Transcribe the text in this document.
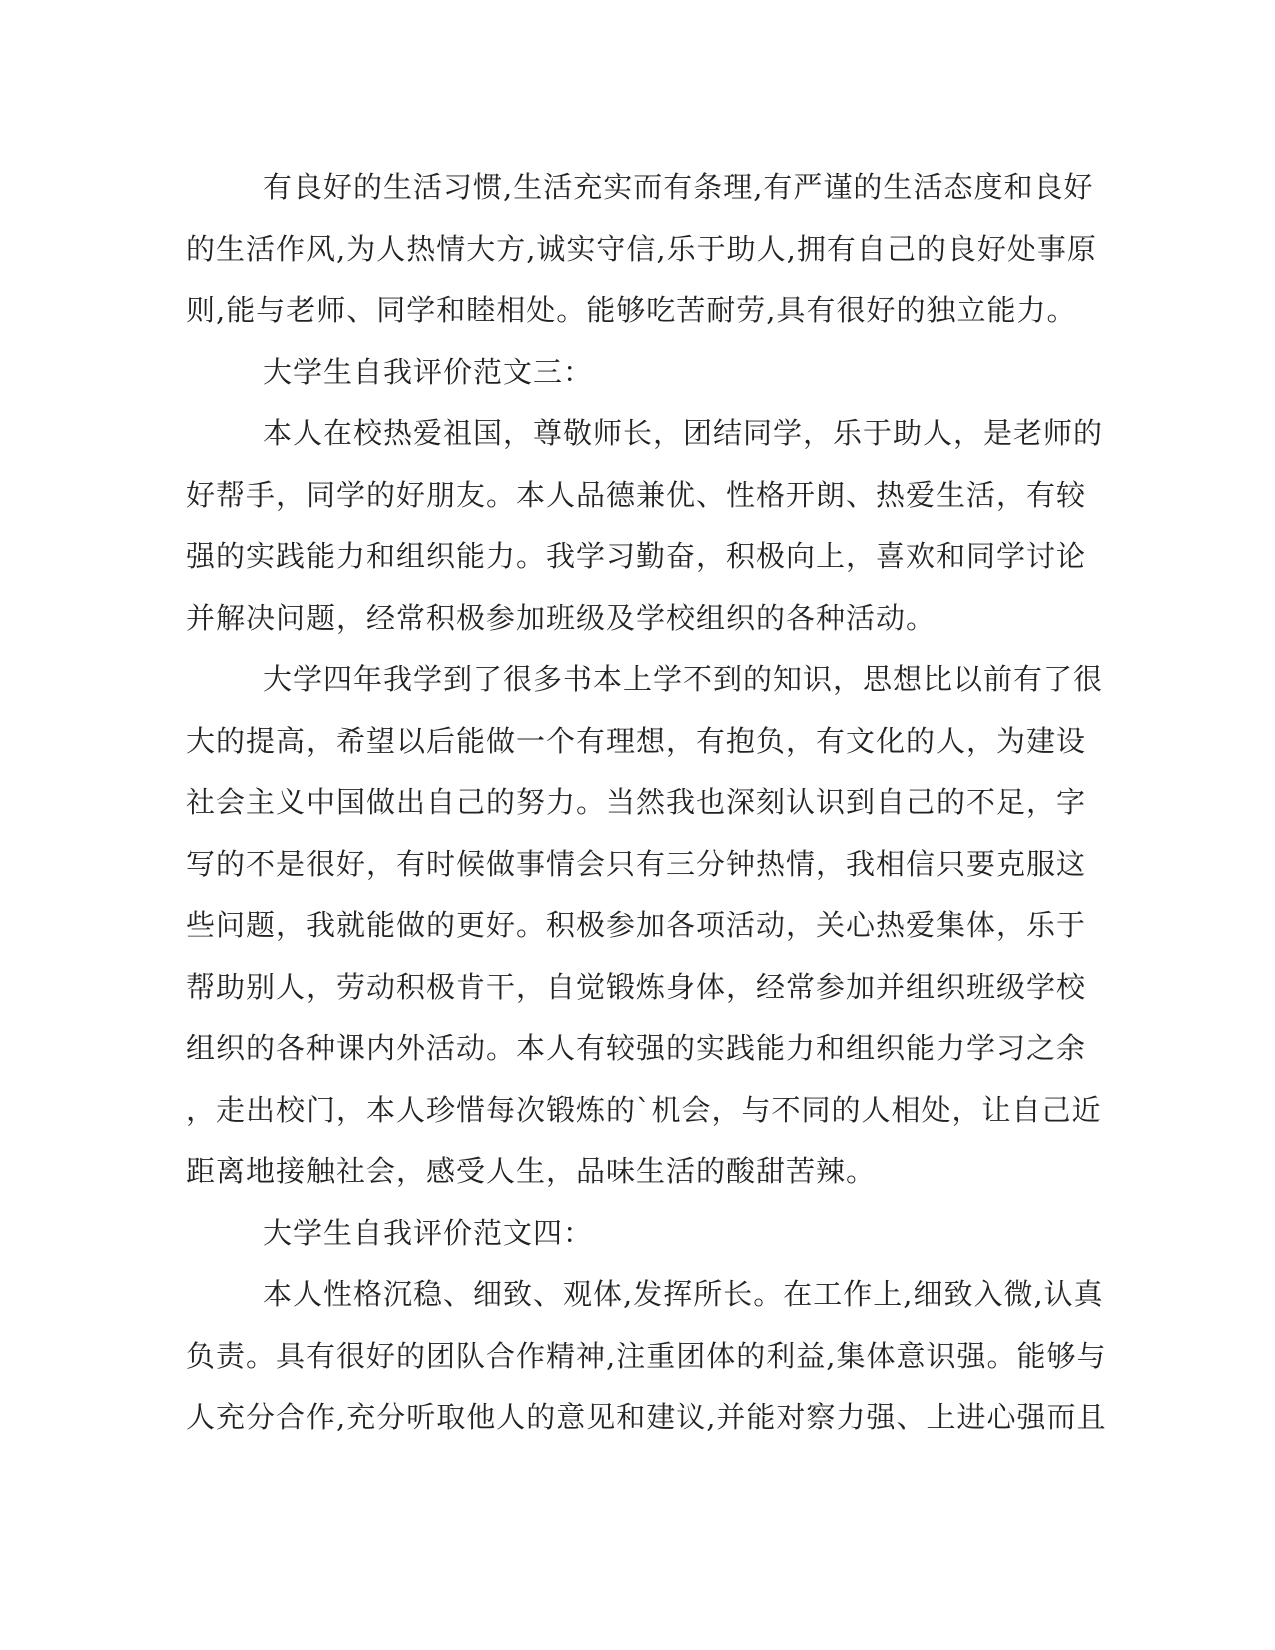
有良好的生活习惯,生活充实而有条理,有严谨的生活态度和良好
的生活作风,为人热情大方,诚实守信,乐于助人,拥有自己的良好处事原
则,能与老师、同学和睦相处。能够吃苦耐劳,具有很好的独立能力。
大学生自我评价范文三：
本人在校热爱祖国，尊敬师长，团结同学，乐于助人，是老师的
好帮手，同学的好朋友。本人品德兼优、性格开朗、热爱生活，有较
强的实践能力和组织能力。我学习勤奋，积极向上，喜欢和同学讨论
并解决问题，经常积极参加班级及学校组织的各种活动。
大学四年我学到了很多书本上学不到的知识，思想比以前有了很
大的提高，希望以后能做一个有理想，有抱负，有文化的人，为建设
社会主义中国做出自己的努力。当然我也深刻认识到自己的不足，字
写的不是很好，有时候做事情会只有三分钟热情，我相信只要克服这
些问题，我就能做的更好。积极参加各项活动，关心热爱集体，乐于
帮助别人，劳动积极肯干，自觉锻炼身体，经常参加并组织班级学校
组织的各种课内外活动。本人有较强的实践能力和组织能力学习之余
，走出校门，本人珍惜每次锻炼的`机会，与不同的人相处，让自己近
距离地接触社会，感受人生，品味生活的酸甜苦辣。
大学生自我评价范文四：
本人性格沉稳、细致、观体,发挥所长。在工作上,细致入微,认真
负责。具有很好的团队合作精神,注重团体的利益,集体意识强。能够与
人充分合作,充分听取他人的意见和建议,并能对察力强、上进心强而且
